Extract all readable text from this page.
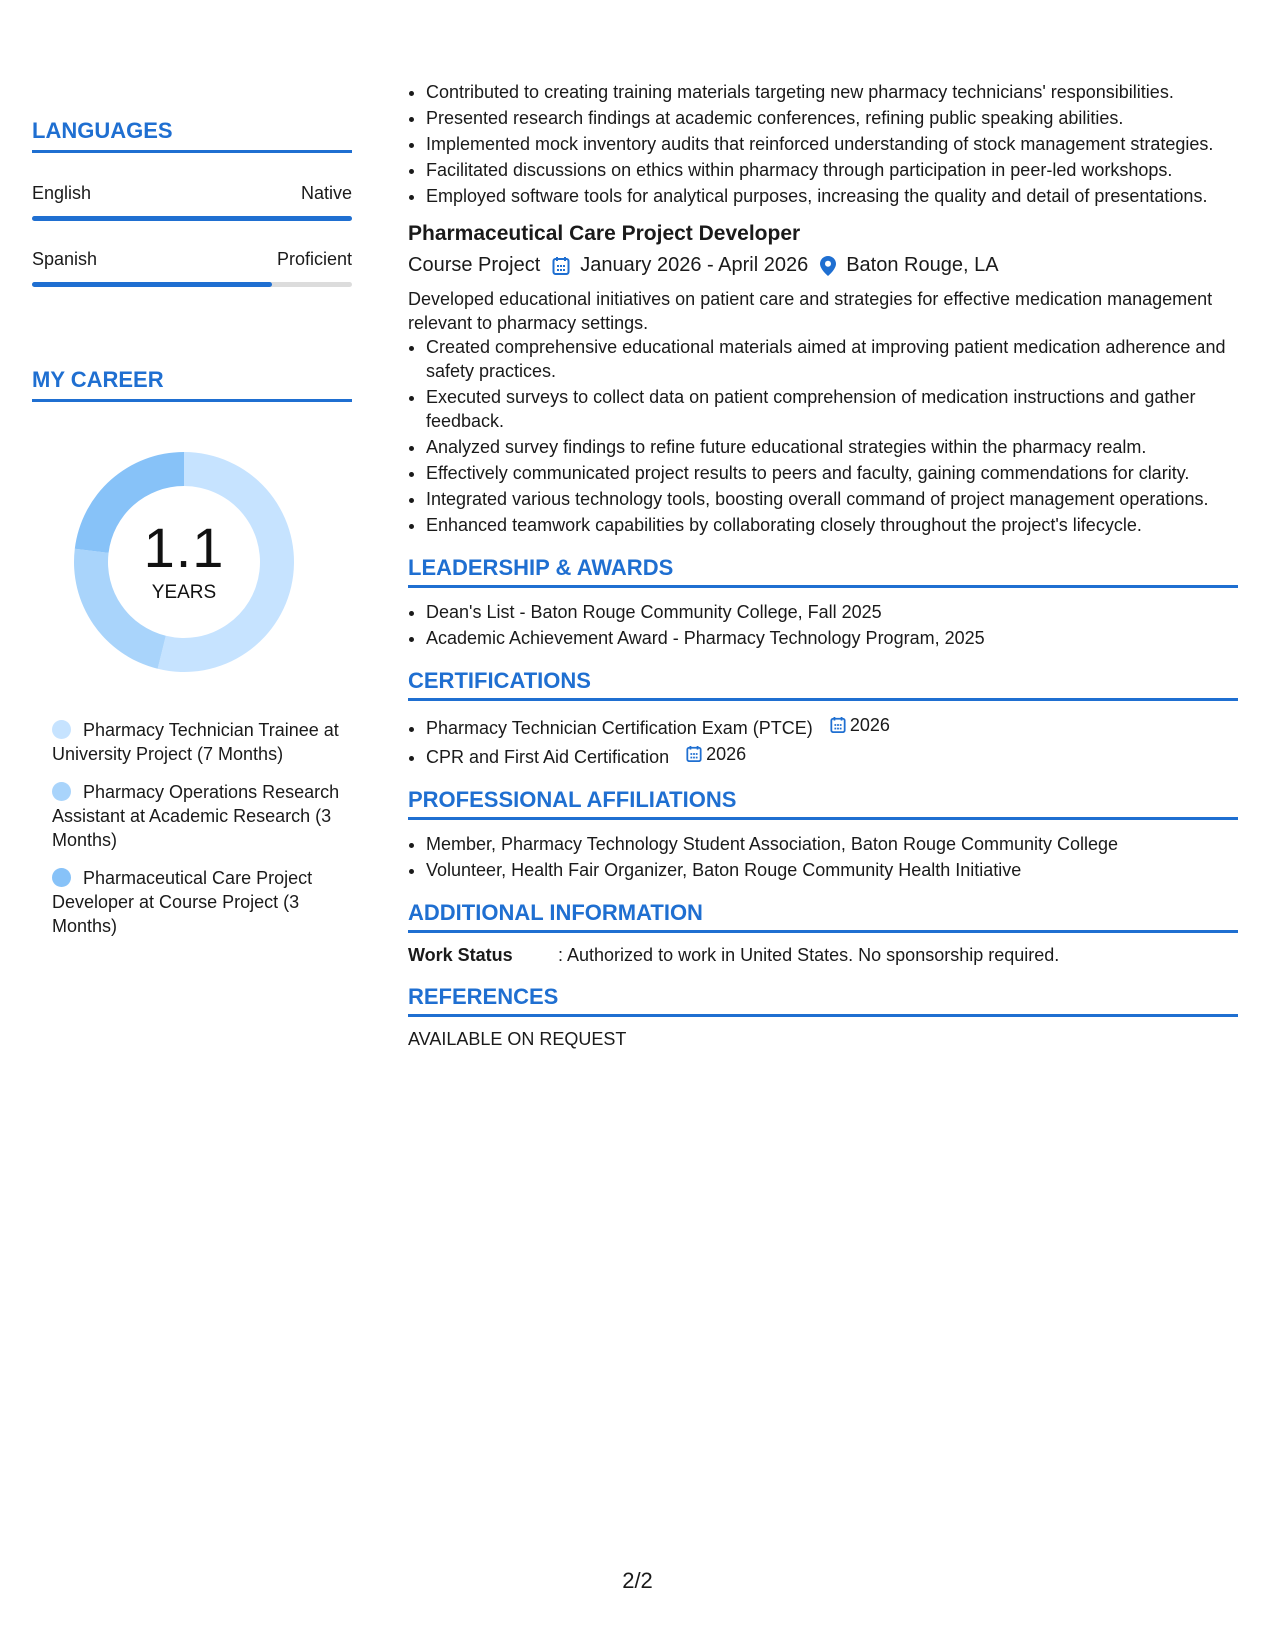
LANGUAGES
English	Native
Spanish	Proficient
MY CAREER
1.1
YEARS
Pharmacy Technician Trainee at University Project (7 Months)
Pharmacy Operations Research Assistant at Academic Research (3 Months)
Pharmaceutical Care Project Developer at Course Project (3 Months)
• Contributed to creating training materials targeting new pharmacy technicians' responsibilities.
• Presented research findings at academic conferences, refining public speaking abilities.
• Implemented mock inventory audits that reinforced understanding of stock management strategies.
• Facilitated discussions on ethics within pharmacy through participation in peer-led workshops.
• Employed software tools for analytical purposes, increasing the quality and detail of presentations.
Pharmaceutical Care Project Developer
Course Project January 2026 - April 2026 Baton Rouge, LA
Developed educational initiatives on patient care and strategies for effective medication management relevant to pharmacy settings.
• Created comprehensive educational materials aimed at improving patient medication adherence and safety practices.
• Executed surveys to collect data on patient comprehension of medication instructions and gather feedback.
• Analyzed survey findings to refine future educational strategies within the pharmacy realm.
• Effectively communicated project results to peers and faculty, gaining commendations for clarity.
• Integrated various technology tools, boosting overall command of project management operations.
• Enhanced teamwork capabilities by collaborating closely throughout the project's lifecycle.
LEADERSHIP & AWARDS
• Dean's List - Baton Rouge Community College, Fall 2025
• Academic Achievement Award - Pharmacy Technology Program, 2025
CERTIFICATIONS
• Pharmacy Technician Certification Exam (PTCE) 2026
• CPR and First Aid Certification 2026
PROFESSIONAL AFFILIATIONS
• Member, Pharmacy Technology Student Association, Baton Rouge Community College
• Volunteer, Health Fair Organizer, Baton Rouge Community Health Initiative
ADDITIONAL INFORMATION
Work Status	: Authorized to work in United States. No sponsorship required.
REFERENCES
AVAILABLE ON REQUEST
2/2
